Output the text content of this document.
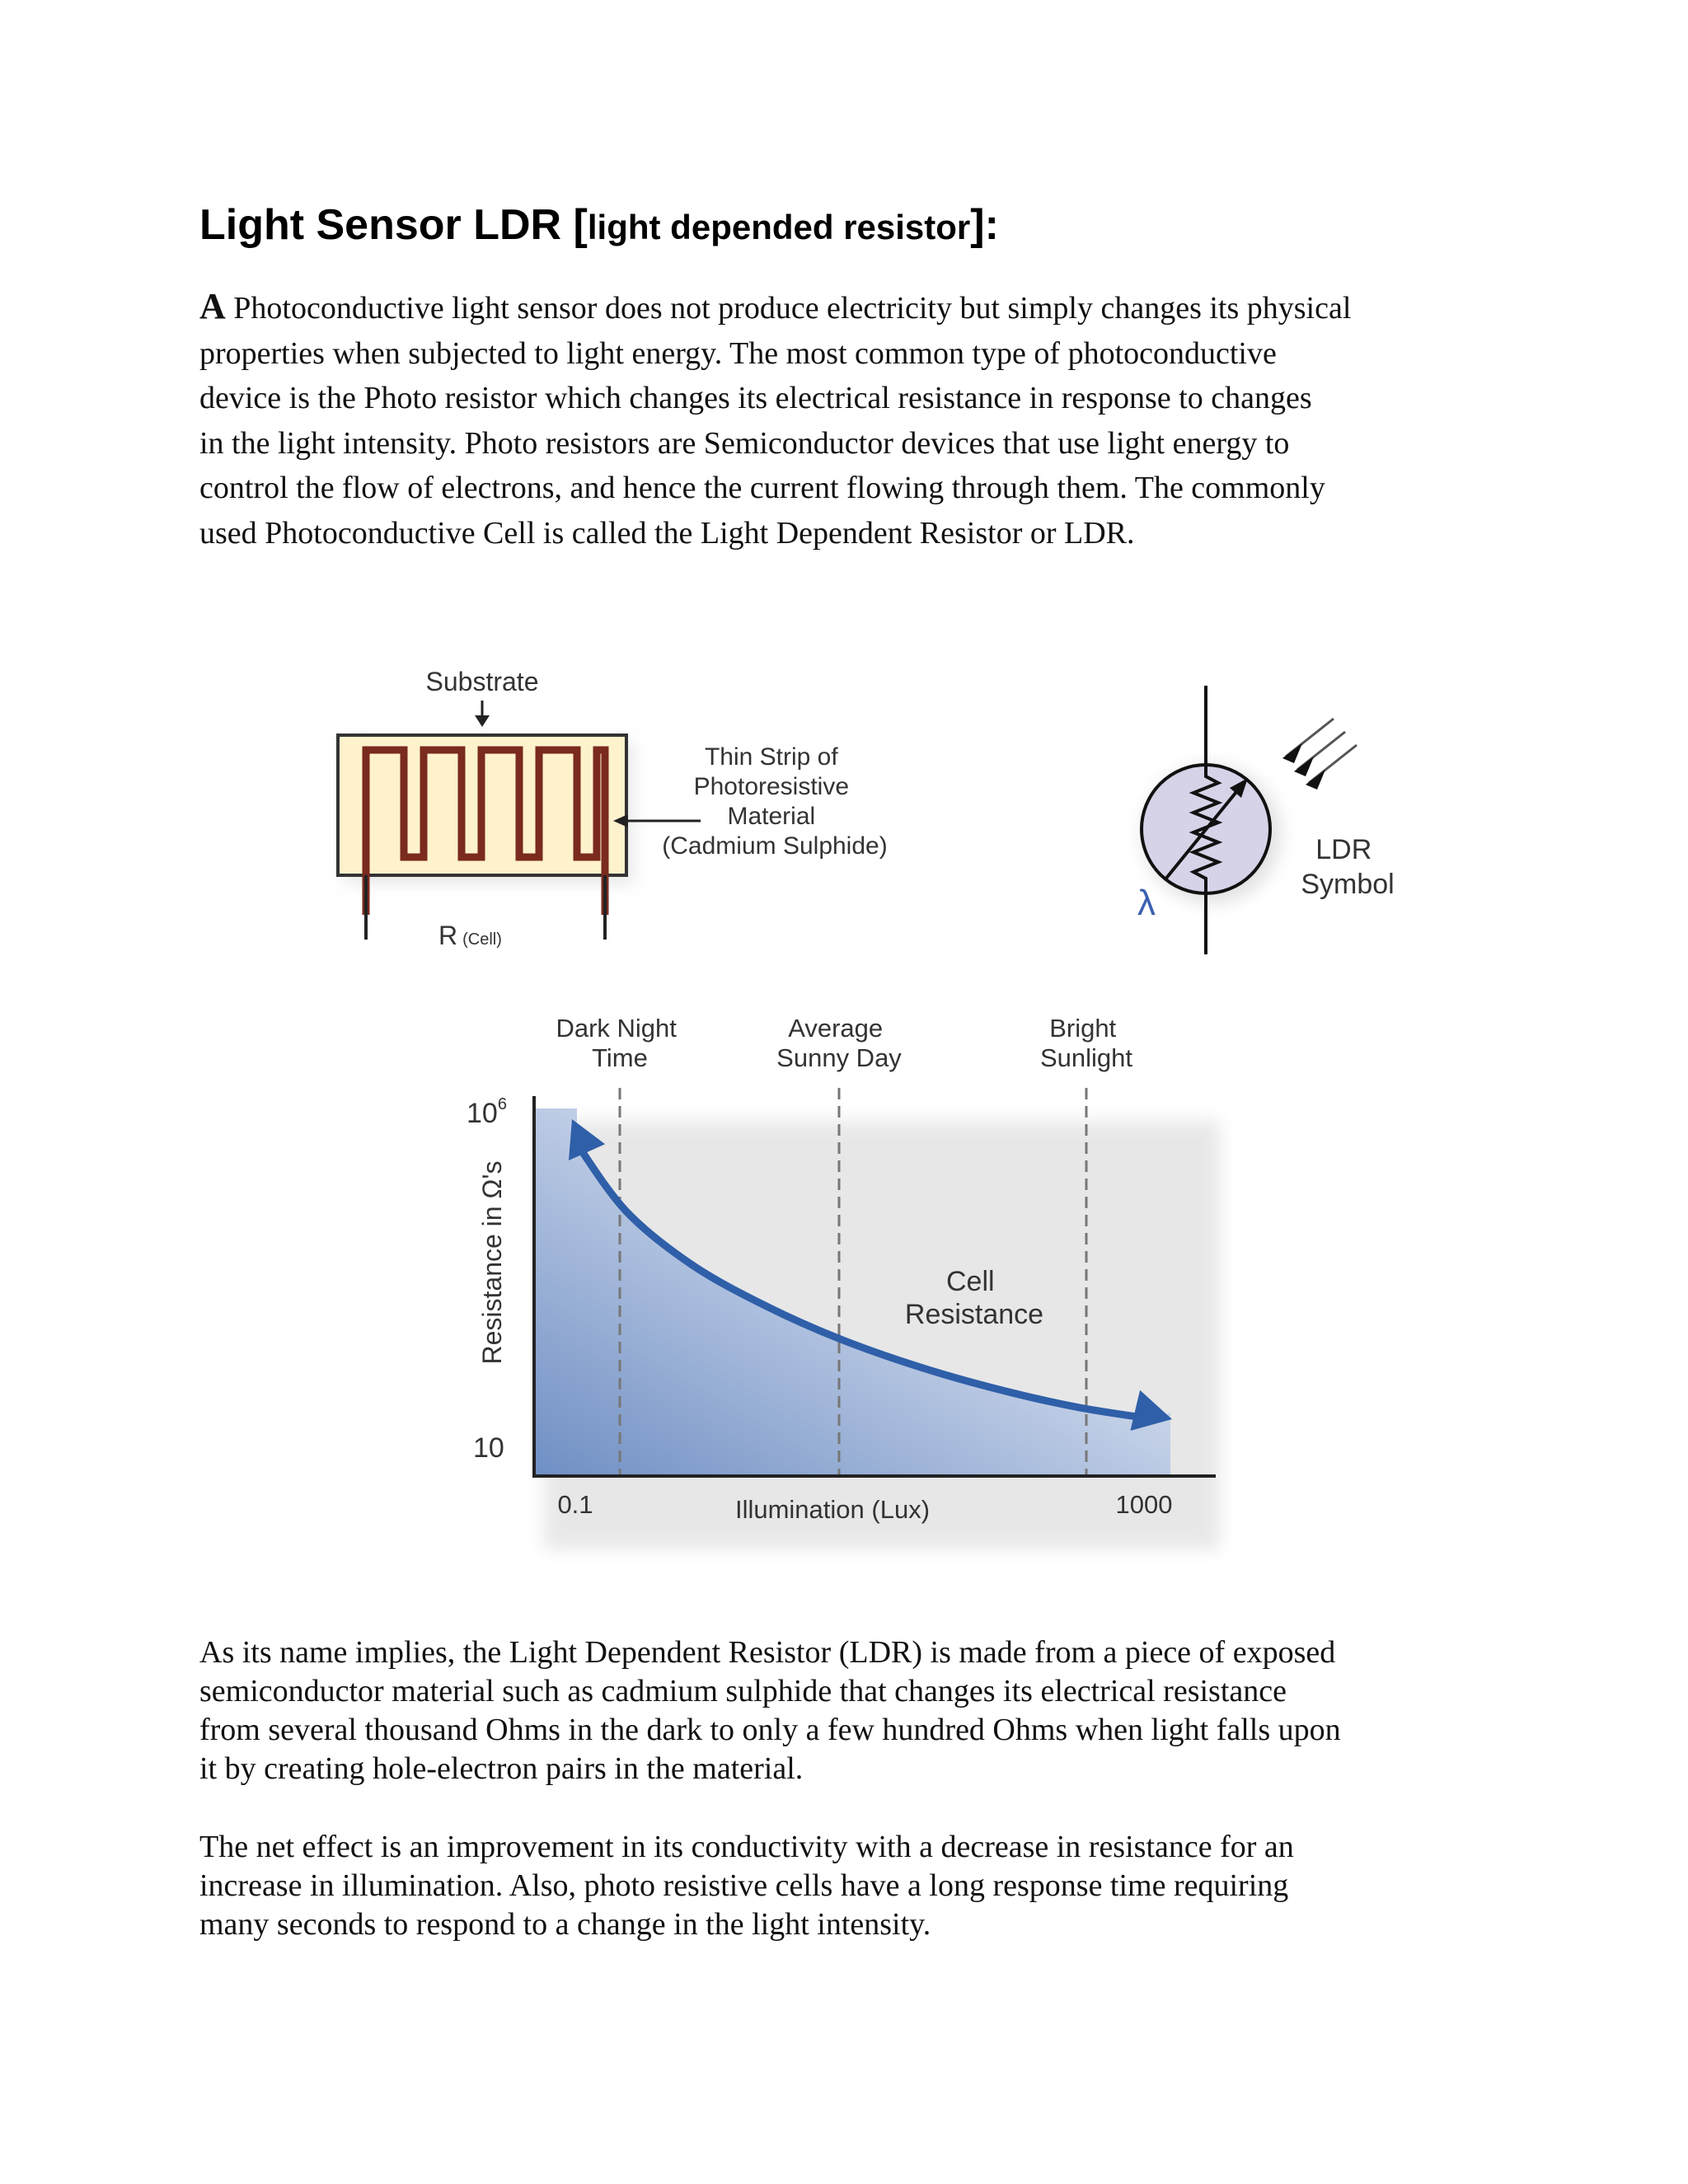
Light Sensor LDR [light depended resistor]:
A Photoconductive light sensor does not produce electricity but simply changes its physical
properties when subjected to light energy. The most common type of photoconductive
device is the Photo resistor which changes its electrical resistance in response to changes
in the light intensity. Photo resistors are Semiconductor devices that use light energy to
control the flow of electrons, and hence the current flowing through them. The commonly
used Photoconductive Cell is called the Light Dependent Resistor or LDR.
Substrate
Thin Strip of Photoresistive Material (Cadmium Sulphide)
R (Cell)
λ
LDR Symbol
Dark Night Time
Average Sunny Day
Bright Sunlight
$10^6$
10
Resistance in Ω's
0.1	1000
Illumination (Lux)
Cell Resistance
As its name implies, the Light Dependent Resistor (LDR) is made from a piece of exposed
semiconductor material such as cadmium sulphide that changes its electrical resistance
from several thousand Ohms in the dark to only a few hundred Ohms when light falls upon
it by creating hole-electron pairs in the material.
The net effect is an improvement in its conductivity with a decrease in resistance for an
increase in illumination. Also, photo resistive cells have a long response time requiring
many seconds to respond to a change in the light intensity.
